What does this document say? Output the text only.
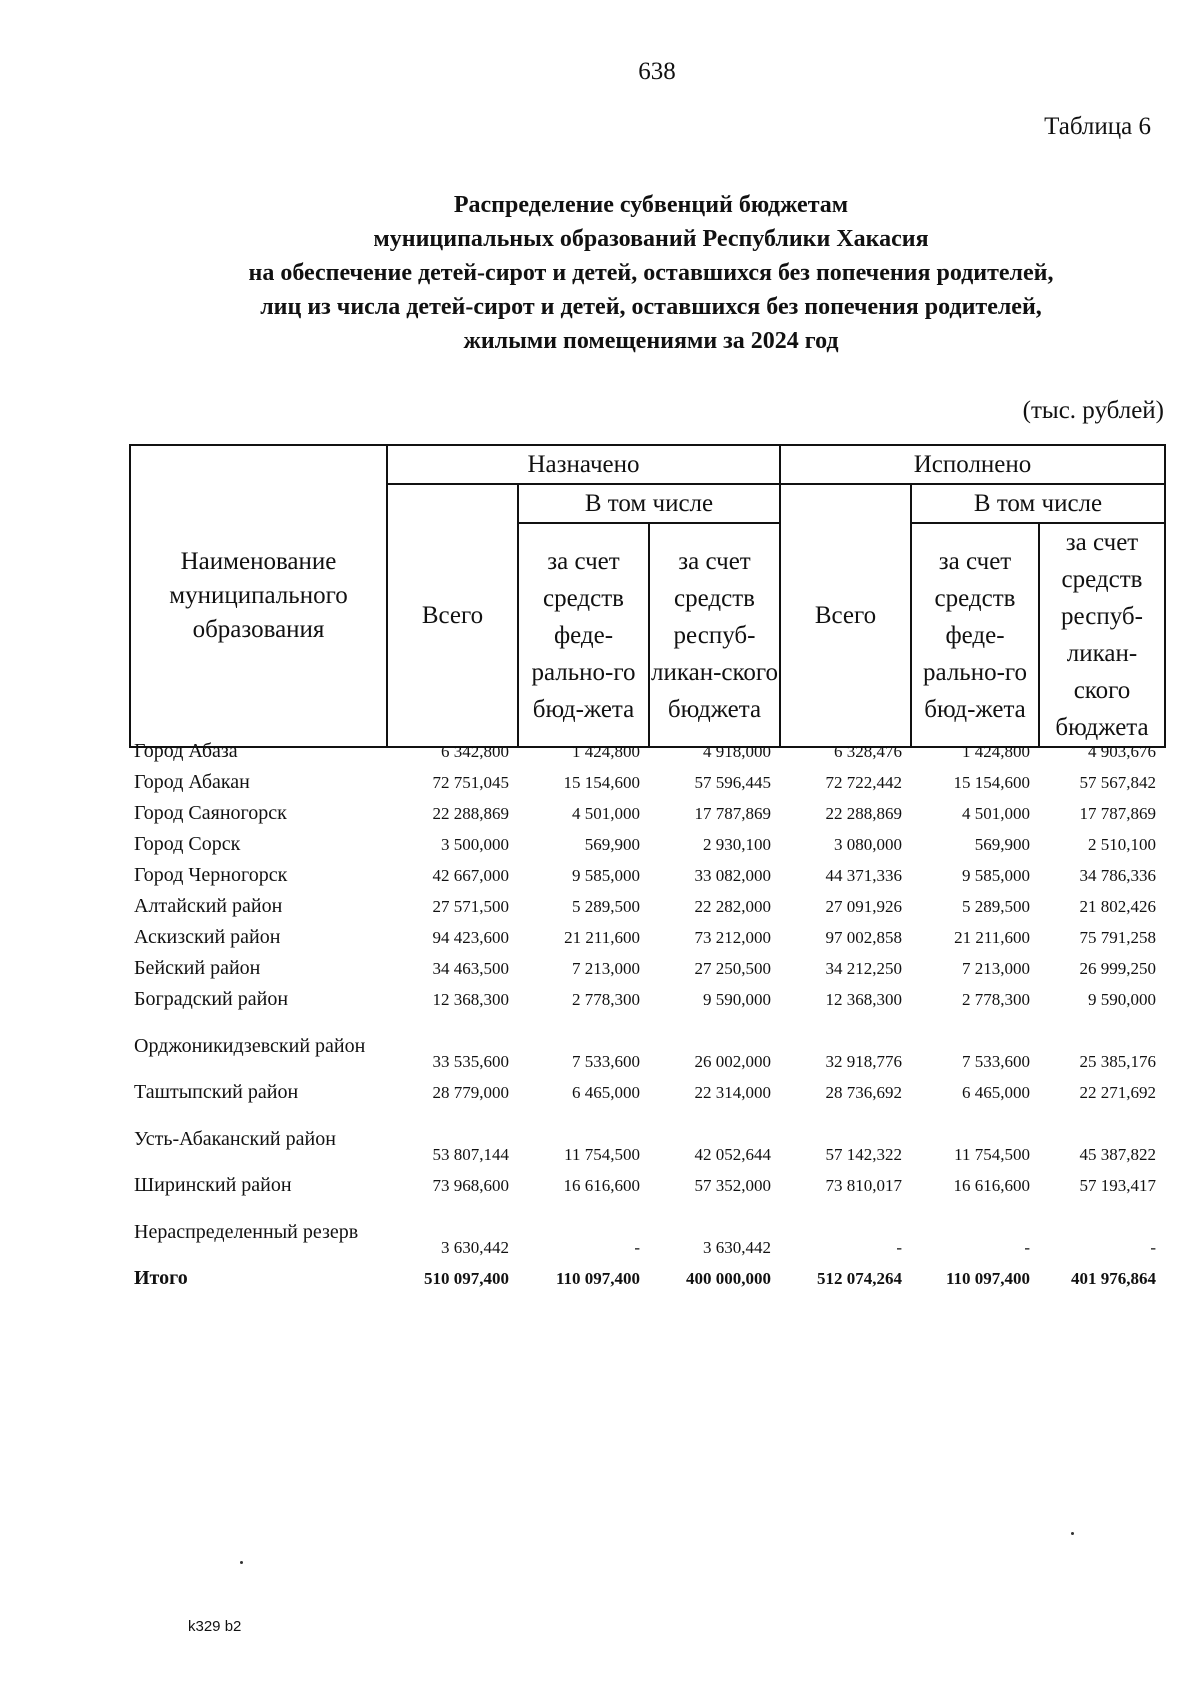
638
Таблица 6
Распределение субвенций бюджетам
муниципальных образований Республики Хакасия
на обеспечение детей-сирот и детей, оставшихся без попечения родителей,
лиц из числа детей-сирот и детей, оставшихся без попечения родителей,
жилыми помещениями за 2024 год
(тыс. рублей)
Наименование муниципального образования	Назначено			Исполнено		
	Всего	В том числе		Всего	В том числе	
		за счет средств феде-рально-го бюд-жета	за счет средств респуб-ликан-ского бюджета		за счет средств феде-рально-го бюд-жета	за счет средств респуб-ликан-ского бюджета
Город Абаза	6 342,800	1 424,800	4 918,000	6 328,476	1 424,800	4 903,676
Город Абакан	72 751,045	15 154,600	57 596,445	72 722,442	15 154,600	57 567,842
Город Саяногорск	22 288,869	4 501,000	17 787,869	22 288,869	4 501,000	17 787,869
Город Сорск	3 500,000	569,900	2 930,100	3 080,000	569,900	2 510,100
Город Черногорск	42 667,000	9 585,000	33 082,000	44 371,336	9 585,000	34 786,336
Алтайский район	27 571,500	5 289,500	22 282,000	27 091,926	5 289,500	21 802,426
Аскизский район	94 423,600	21 211,600	73 212,000	97 002,858	21 211,600	75 791,258
Бейский район	34 463,500	7 213,000	27 250,500	34 212,250	7 213,000	26 999,250
Боградский район	12 368,300	2 778,300	9 590,000	12 368,300	2 778,300	9 590,000
Орджоникидзевский район	33 535,600	7 533,600	26 002,000	32 918,776	7 533,600	25 385,176
Таштыпский район	28 779,000	6 465,000	22 314,000	28 736,692	6 465,000	22 271,692
Усть-Абаканский район	53 807,144	11 754,500	42 052,644	57 142,322	11 754,500	45 387,822
Ширинский район	73 968,600	16 616,600	57 352,000	73 810,017	16 616,600	57 193,417
Нераспределенный резерв	3 630,442	-	3 630,442	-	-	-
Итого	510 097,400	110 097,400	400 000,000	512 074,264	110 097,400	401 976,864
k329 b2
